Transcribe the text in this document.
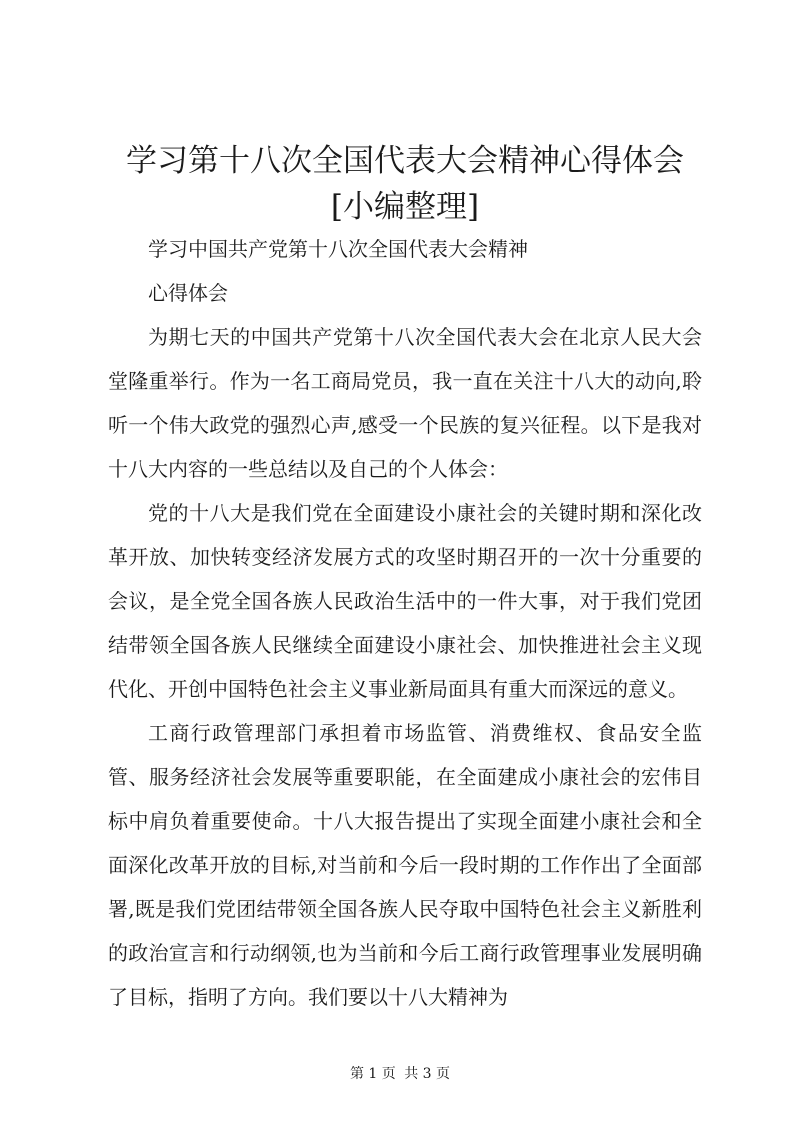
学习第十八次全国代表大会精神心得体会[小编整理]

学习中国共产党第十八次全国代表大会精神

心得体会

为期七天的中国共产党第十八次全国代表大会在北京人民大会堂隆重举行。作为一名工商局党员，我一直在关注十八大的动向,聆听一个伟大政党的强烈心声,感受一个民族的复兴征程。以下是我对十八大内容的一些总结以及自己的个人体会：

党的十八大是我们党在全面建设小康社会的关键时期和深化改革开放、加快转变经济发展方式的攻坚时期召开的一次十分重要的会议，是全党全国各族人民政治生活中的一件大事，对于我们党团结带领全国各族人民继续全面建设小康社会、加快推进社会主义现代化、开创中国特色社会主义事业新局面具有重大而深远的意义。

工商行政管理部门承担着市场监管、消费维权、食品安全监管、服务经济社会发展等重要职能，在全面建成小康社会的宏伟目标中肩负着重要使命。十八大报告提出了实现全面建小康社会和全面深化改革开放的目标,对当前和今后一段时期的工作作出了全面部署,既是我们党团结带领全国各族人民夺取中国特色社会主义新胜利的政治宣言和行动纲领,也为当前和今后工商行政管理事业发展明确了目标，指明了方向。我们要以十八大精神为

第 1 页 共 3 页
